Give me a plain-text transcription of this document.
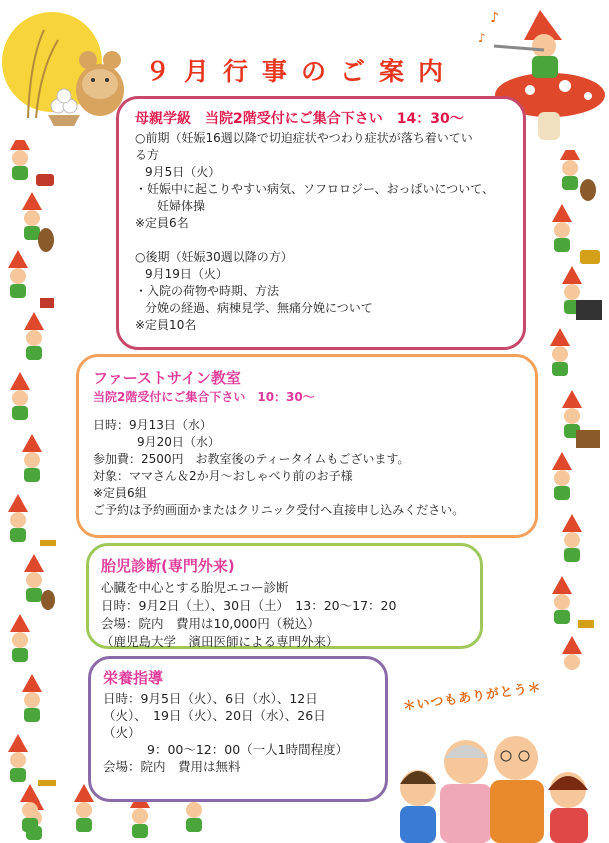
♪
♪
９月行事のご案内
母親学級　当院2階受付にご集合下さい　14：30〜
○前期（妊娠16週以降で切迫症状やつわり症状が落ち着いてい
る方
9月5日（火）
・妊娠中に起こりやすい病気、ソフロロジー、おっぱいについて、
妊婦体操
※定員6名
○後期（妊娠30週以降の方）
9月19日（火）
・入院の荷物や時期、方法
分娩の経過、病棟見学、無痛分娩について
※定員10名
ファーストサイン教室
当院2階受付にご集合下さい　10：30〜
日時：9月13日（水）
9月20日（水）
参加費：2500円　お教室後のティータイムもございます。
対象：ママさん＆2か月〜おしゃべり前のお子様
※定員6組
ご予約は予約画面かまたはクリニック受付へ直接申し込みください。
胎児診断(専門外来)
心臓を中心とする胎児エコー診断
日時：9月2日（土）、30日（土）　13：20〜17：20
会場：院内　費用は10,000円（税込）
（鹿児島大学　濱田医師による専門外来）
栄養指導
日時：9月5日（火）、6日（水）、12日
（火）、　19日（火）、20日（水）、26日
（火）
9：00〜12：00（一人1時間程度）
会場：院内　費用は無料
＊いつもありがとう＊
